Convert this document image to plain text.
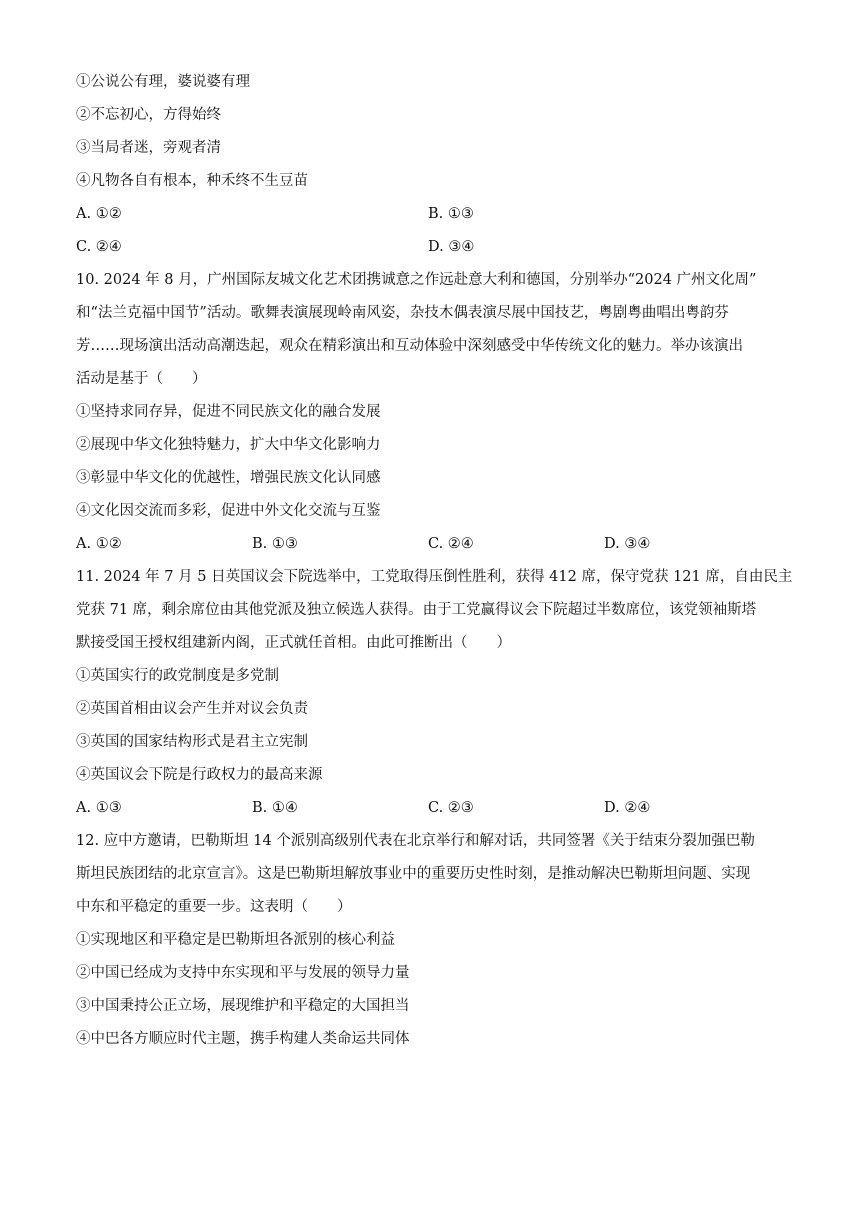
①公说公有理，婆说婆有理
②不忘初心，方得始终
③当局者迷，旁观者清
④凡物各自有根本，种禾终不生豆苗
A. ①②	B. ①③
C. ②④	D. ③④
10. 2024 年 8 月，广州国际友城文化艺术团携诚意之作远赴意大利和德国，分别举办“2024 广州文化周”
和“法兰克福中国节”活动。歌舞表演展现岭南风姿，杂技木偶表演尽展中国技艺，粤剧粤曲唱出粤韵芬
芳……现场演出活动高潮迭起，观众在精彩演出和互动体验中深刻感受中华传统文化的魅力。举办该演出
活动是基于（　　）
①坚持求同存异，促进不同民族文化的融合发展
②展现中华文化独特魅力，扩大中华文化影响力
③彰显中华文化的优越性，增强民族文化认同感
④文化因交流而多彩，促进中外文化交流与互鉴
A. ①②	B. ①③	C. ②④	D. ③④
11. 2024 年 7 月 5 日英国议会下院选举中，工党取得压倒性胜利，获得 412 席，保守党获 121 席，自由民主
党获 71 席，剩余席位由其他党派及独立候选人获得。由于工党赢得议会下院超过半数席位，该党领袖斯塔
默接受国王授权组建新内阁，正式就任首相。由此可推断出（　　）
①英国实行的政党制度是多党制
②英国首相由议会产生并对议会负责
③英国的国家结构形式是君主立宪制
④英国议会下院是行政权力的最高来源
A. ①③	B. ①④	C. ②③	D. ②④
12. 应中方邀请，巴勒斯坦 14 个派别高级别代表在北京举行和解对话，共同签署《关于结束分裂加强巴勒
斯坦民族团结的北京宣言》。这是巴勒斯坦解放事业中的重要历史性时刻，是推动解决巴勒斯坦问题、实现
中东和平稳定的重要一步。这表明（　　）
①实现地区和平稳定是巴勒斯坦各派别的核心利益
②中国已经成为支持中东实现和平与发展的领导力量
③中国秉持公正立场，展现维护和平稳定的大国担当
④中巴各方顺应时代主题，携手构建人类命运共同体
